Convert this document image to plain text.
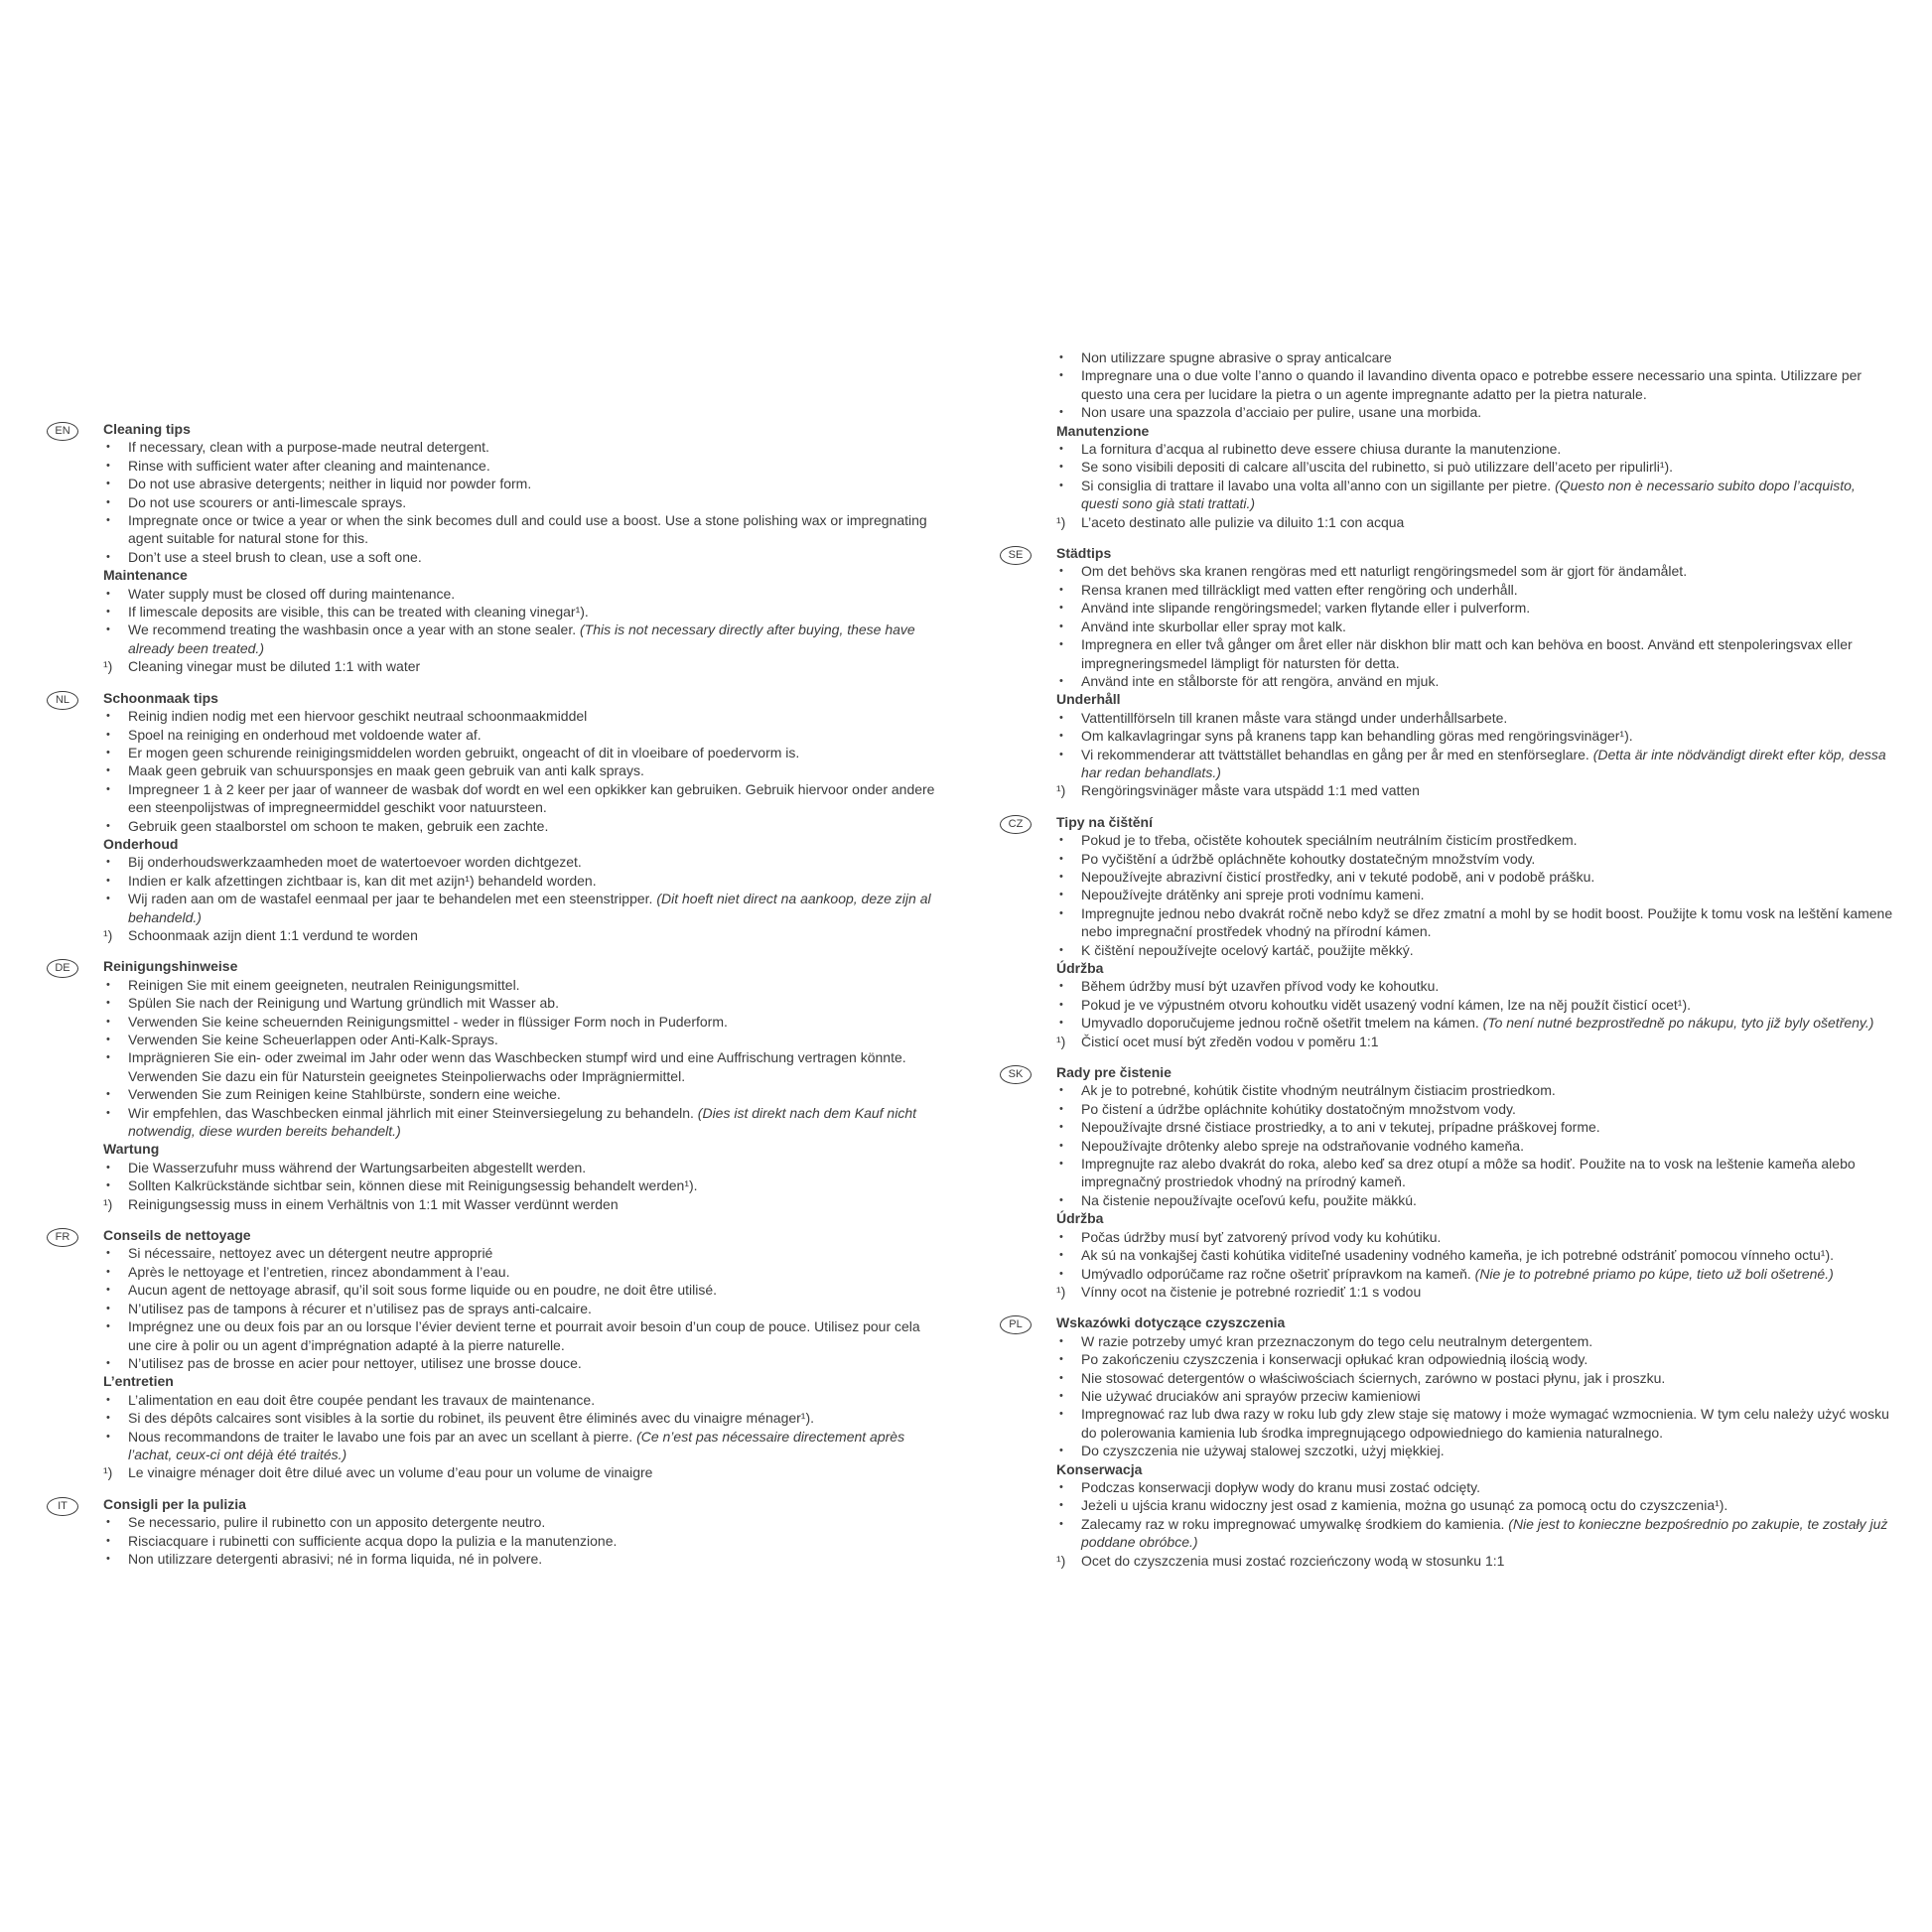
EN	Cleaning tips
• If necessary, clean with a purpose-made neutral detergent.
• Rinse with sufficient water after cleaning and maintenance.
• Do not use abrasive detergents; neither in liquid nor powder form.
• Do not use scourers or anti-limescale sprays.
• Impregnate once or twice a year or when the sink becomes dull and could use a boost. Use a stone polishing wax or impregnating agent suitable for natural stone for this.
• Don’t use a steel brush to clean, use a soft one.
Maintenance
• Water supply must be closed off during maintenance.
• If limescale deposits are visible, this can be treated with cleaning vinegar¹).
• We recommend treating the washbasin once a year with an stone sealer. (This is not necessary directly after buying, these have already been treated.)
¹) Cleaning vinegar must be diluted 1:1 with water
NL	Schoonmaak tips
• Reinig indien nodig met een hiervoor geschikt neutraal schoonmaakmiddel
• Spoel na reiniging en onderhoud met voldoende water af.
• Er mogen geen schurende reinigingsmiddelen worden gebruikt, ongeacht of dit in vloeibare of poedervorm is.
• Maak geen gebruik van schuursponsjes en maak geen gebruik van anti kalk sprays.
• Impregneer 1 à 2 keer per jaar of wanneer de wasbak dof wordt en wel een opkikker kan gebruiken. Gebruik hiervoor onder andere een steenpolijstwas of impregneermiddel geschikt voor natuursteen.
• Gebruik geen staalborstel om schoon te maken, gebruik een zachte.
Onderhoud
• Bij onderhoudswerkzaamheden moet de watertoevoer worden dichtgezet.
• Indien er kalk afzettingen zichtbaar is, kan dit met azijn¹) behandeld worden.
• Wij raden aan om de wastafel eenmaal per jaar te behandelen met een steenstripper. (Dit hoeft niet direct na aankoop, deze zijn al behandeld.)
¹) Schoonmaak azijn dient 1:1 verdund te worden
DE	Reinigungshinweise
• Reinigen Sie mit einem geeigneten, neutralen Reinigungsmittel.
• Spülen Sie nach der Reinigung und Wartung gründlich mit Wasser ab.
• Verwenden Sie keine scheuernden Reinigungsmittel - weder in flüssiger Form noch in Puderform.
• Verwenden Sie keine Scheuerlappen oder Anti-Kalk-Sprays.
• Imprägnieren Sie ein- oder zweimal im Jahr oder wenn das Waschbecken stumpf wird und eine Auffrischung vertragen könnte. Verwenden Sie dazu ein für Naturstein geeignetes Steinpolierwachs oder Imprägniermittel.
• Verwenden Sie zum Reinigen keine Stahlbürste, sondern eine weiche.
• Wir empfehlen, das Waschbecken einmal jährlich mit einer Steinversiegelung zu behandeln. (Dies ist direkt nach dem Kauf nicht notwendig, diese wurden bereits behandelt.)
Wartung
• Die Wasserzufuhr muss während der Wartungsarbeiten abgestellt werden.
• Sollten Kalkrückstände sichtbar sein, können diese mit Reinigungsessig behandelt werden¹).
¹) Reinigungsessig muss in einem Verhältnis von 1:1 mit Wasser verdünnt werden
FR	Conseils de nettoyage
• Si nécessaire, nettoyez avec un détergent neutre approprié
• Après le nettoyage et l’entretien, rincez abondamment à l’eau.
• Aucun agent de nettoyage abrasif, qu’il soit sous forme liquide ou en poudre, ne doit être utilisé.
• N’utilisez pas de tampons à récurer et n’utilisez pas de sprays anti-calcaire.
• Imprégnez une ou deux fois par an ou lorsque l’évier devient terne et pourrait avoir besoin d’un coup de pouce. Utilisez pour cela une cire à polir ou un agent d’imprégnation adapté à la pierre naturelle.
• N’utilisez pas de brosse en acier pour nettoyer, utilisez une brosse douce.
L’entretien
• L’alimentation en eau doit être coupée pendant les travaux de maintenance.
• Si des dépôts calcaires sont visibles à la sortie du robinet, ils peuvent être éliminés avec du vinaigre ménager¹).
• Nous recommandons de traiter le lavabo une fois par an avec un scellant à pierre. (Ce n’est pas nécessaire directement après l’achat, ceux-ci ont déjà été traités.)
¹) Le vinaigre ménager doit être dilué avec un volume d’eau pour un volume de vinaigre
IT	Consigli per la pulizia
• Se necessario, pulire il rubinetto con un apposito detergente neutro.
• Risciacquare i rubinetti con sufficiente acqua dopo la pulizia e la manutenzione.
• Non utilizzare detergenti abrasivi; né in forma liquida, né in polvere.
• Non utilizzare spugne abrasive o spray anticalcare
• Impregnare una o due volte l’anno o quando il lavandino diventa opaco e potrebbe essere necessario una spinta. Utilizzare per questo una cera per lucidare la pietra o un agente impregnante adatto per la pietra naturale.
• Non usare una spazzola d’acciaio per pulire, usane una morbida.
Manutenzione
• La fornitura d’acqua al rubinetto deve essere chiusa durante la manutenzione.
• Se sono visibili depositi di calcare all’uscita del rubinetto, si può utilizzare dell’aceto per ripulirli¹).
• Si consiglia di trattare il lavabo una volta all’anno con un sigillante per pietre. (Questo non è necessario subito dopo l’acquisto, questi sono già stati trattati.)
¹) L’aceto destinato alle pulizie va diluito 1:1 con acqua
SE	Städtips
• Om det behövs ska kranen rengöras med ett naturligt rengöringsmedel som är gjort för ändamålet.
• Rensa kranen med tillräckligt med vatten efter rengöring och underhåll.
• Använd inte slipande rengöringsmedel; varken flytande eller i pulverform.
• Använd inte skurbollar eller spray mot kalk.
• Impregnera en eller två gånger om året eller när diskhon blir matt och kan behöva en boost. Använd ett stenpoleringsvax eller impregneringsmedel lämpligt för natursten för detta.
• Använd inte en stålborste för att rengöra, använd en mjuk.
Underhåll
• Vattentillförseln till kranen måste vara stängd under underhållsarbete.
• Om kalkavlagringar syns på kranens tapp kan behandling göras med rengöringsvinäger¹).
• Vi rekommenderar att tvättstället behandlas en gång per år med en stenförseglare. (Detta är inte nödvändigt direkt efter köp, dessa har redan behandlats.)
¹) Rengöringsvinäger måste vara utspädd 1:1 med vatten
CZ	Tipy na čištění
• Pokud je to třeba, očistěte kohoutek speciálním neutrálním čisticím prostředkem.
• Po vyčištění a údržbě opláchněte kohoutky dostatečným množstvím vody.
• Nepoužívejte abrazivní čisticí prostředky, ani v tekuté podobě, ani v podobě prášku.
• Nepoužívejte drátěnky ani spreje proti vodnímu kameni.
• Impregnujte jednou nebo dvakrát ročně nebo když se dřez zmatní a mohl by se hodit boost. Použijte k tomu vosk na leštění kamene nebo impregnační prostředek vhodný na přírodní kámen.
• K čištění nepoužívejte ocelový kartáč, použijte měkký.
Údržba
• Během údržby musí být uzavřen přívod vody ke kohoutku.
• Pokud je ve výpustném otvoru kohoutku vidět usazený vodní kámen, lze na něj použít čisticí ocet¹).
• Umyvadlo doporučujeme jednou ročně ošetřit tmelem na kámen. (To není nutné bezprostředně po nákupu, tyto již byly ošetřeny.)
¹) Čisticí ocet musí být zředěn vodou v poměru 1:1
SK	Rady pre čistenie
• Ak je to potrebné, kohútik čistite vhodným neutrálnym čistiacim prostriedkom.
• Po čistení a údržbe opláchnite kohútiky dostatočným množstvom vody.
• Nepoužívajte drsné čistiace prostriedky, a to ani v tekutej, prípadne práškovej forme.
• Nepoužívajte drôtenky alebo spreje na odstraňovanie vodného kameňa.
• Impregnujte raz alebo dvakrát do roka, alebo keď sa drez otupí a môže sa hodiť. Použite na to vosk na leštenie kameňa alebo impregnačný prostriedok vhodný na prírodný kameň.
• Na čistenie nepoužívajte oceľovú kefu, použite mäkkú.
Údržba
• Počas údržby musí byť zatvorený prívod vody ku kohútiku.
• Ak sú na vonkajšej časti kohútika viditeľné usadeniny vodného kameňa, je ich potrebné odstrániť pomocou vínneho octu¹).
• Umývadlo odporúčame raz ročne ošetriť prípravkom na kameň. (Nie je to potrebné priamo po kúpe, tieto už boli ošetrené.)
¹) Vínny ocot na čistenie je potrebné rozriediť 1:1 s vodou
PL	Wskazówki dotyczące czyszczenia
• W razie potrzeby umyć kran przeznaczonym do tego celu neutralnym detergentem.
• Po zakończeniu czyszczenia i konserwacji opłukać kran odpowiednią ilością wody.
• Nie stosować detergentów o właściwościach ściernych, zarówno w postaci płynu, jak i proszku.
• Nie używać druciaków ani sprayów przeciw kamieniowi
• Impregnować raz lub dwa razy w roku lub gdy zlew staje się matowy i może wymagać wzmocnienia. W tym celu należy użyć wosku do polerowania kamienia lub środka impregnującego odpowiedniego do kamienia naturalnego.
• Do czyszczenia nie używaj stalowej szczotki, użyj miękkiej.
Konserwacja
• Podczas konserwacji dopływ wody do kranu musi zostać odcięty.
• Jeżeli u ujścia kranu widoczny jest osad z kamienia, można go usunąć za pomocą octu do czyszczenia¹).
• Zalecamy raz w roku impregnować umywalkę środkiem do kamienia. (Nie jest to konieczne bezpośrednio po zakupie, te zostały już poddane obróbce.)
¹) Ocet do czyszczenia musi zostać rozcieńczony wodą w stosunku 1:1
